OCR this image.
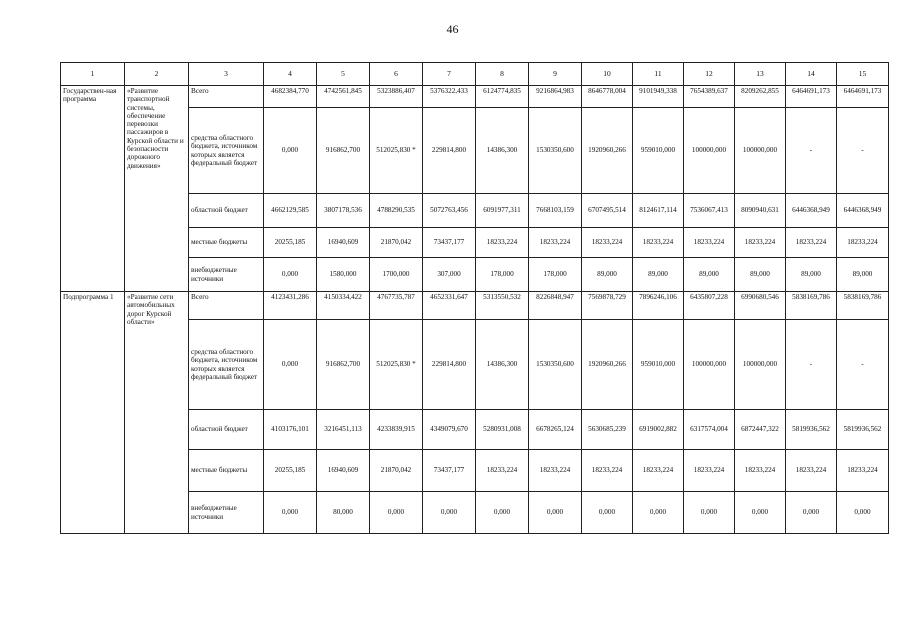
46
1	2	3	4	5	6	7	8	9	10	11	12	13	14	15
Государствен-ная программа	«Развитие транспортной системы, обеспечение перевозки пассажиров в Курской области и безопасности дорожного движения»	Всего	4682384,770	4742561,845	5323886,407	5376322,433	6124774,835	9216864,983	8646778,004	9101949,338	7654389,637	8209262,855	6464691,173	6464691,173
		средства областного бюджета, источником которых является федеральный бюджет	0,000	916862,700	512025,830 *	229814,800	14386,300	1530350,600	1920960,266	959010,000	100000,000	100000,000	-	-
		областной бюджет	4662129,585	3807178,536	4788290,535	5072763,456	6091977,311	7668103,159	6707495,514	8124617,114	7536067,413	8090940,631	6446368,949	6446368,949
		местные бюджеты	20255,185	16940,609	21870,042	73437,177	18233,224	18233,224	18233,224	18233,224	18233,224	18233,224	18233,224	18233,224
		внебюджетные источники	0,000	1580,000	1700,000	307,000	178,000	178,000	89,000	89,000	89,000	89,000	89,000	89,000
Подпрограмма 1	«Развитие сети автомобильных дорог Курской области»	Всего	4123431,286	4150334,422	4767735,787	4652331,647	5313550,532	8226848,947	7569878,729	7896246,106	6435807,228	6990680,546	5838169,786	5838169,786
		средства областного бюджета, источником которых является федеральный бюджет	0,000	916862,700	512025,830 *	229814,800	14386,300	1530350,600	1920960,266	959010,000	100000,000	100000,000	-	-
		областной бюджет	4103176,101	3216451,113	4233839,915	4349079,670	5280931,008	6678265,124	5630685,239	6919002,882	6317574,004	6872447,322	5819936,562	5819936,562
		местные бюджеты	20255,185	16940,609	21870,042	73437,177	18233,224	18233,224	18233,224	18233,224	18233,224	18233,224	18233,224	18233,224
		внебюджетные источники	0,000	80,000	0,000	0,000	0,000	0,000	0,000	0,000	0,000	0,000	0,000	0,000
